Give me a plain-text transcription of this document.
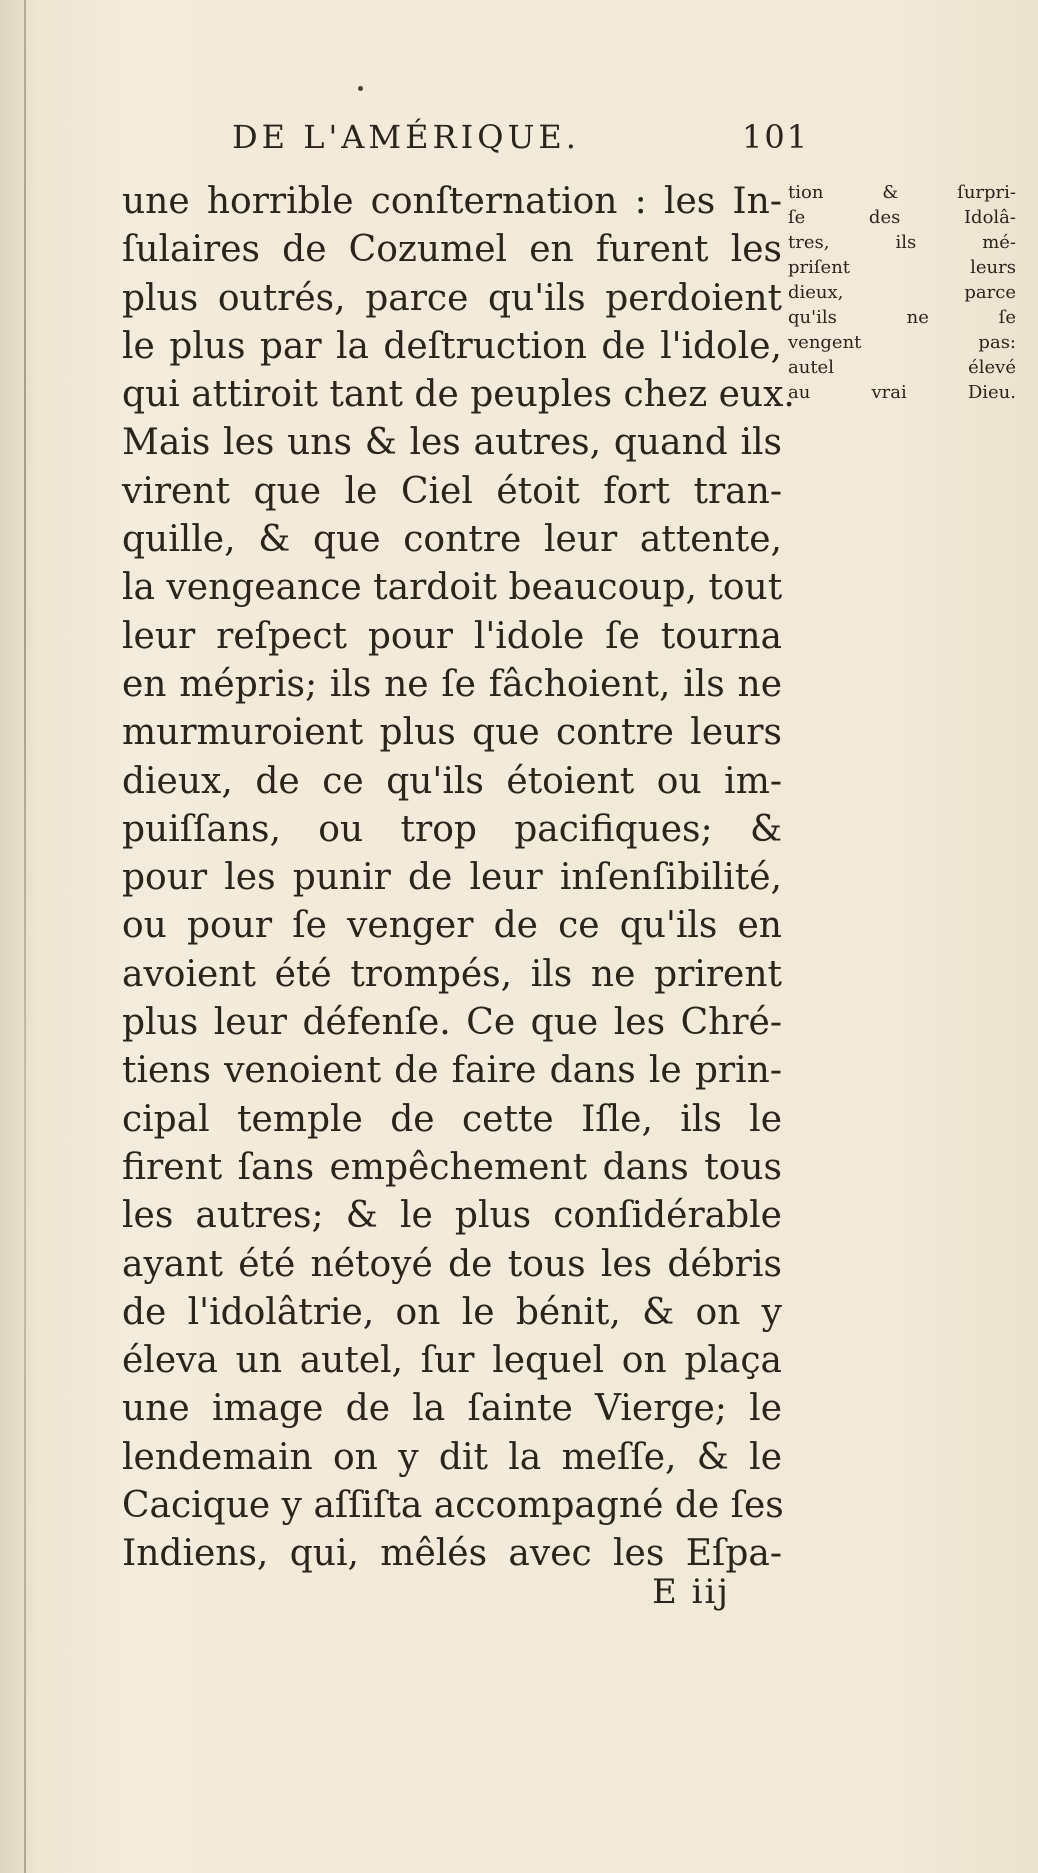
DE L'AMÉRIQUE.	101
une horrible conſternation : les In-
ſulaires de Cozumel en furent les
plus outrés, parce qu'ils perdoient
le plus par la deſtruction de l'idole,
qui attiroit tant de peuples chez eux.
Mais les uns & les autres, quand ils
virent que le Ciel étoit fort tran-
quille, & que contre leur attente,
la vengeance tardoit beaucoup, tout
leur reſpect pour l'idole ſe tourna
en mépris; ils ne ſe fâchoient, ils ne
murmuroient plus que contre leurs
dieux, de ce qu'ils étoient ou im-
puiſſans, ou trop pacifiques; &
pour les punir de leur inſenſibilité,
ou pour ſe venger de ce qu'ils en
avoient été trompés, ils ne prirent
plus leur défenſe. Ce que les Chré-
tiens venoient de faire dans le prin-
cipal temple de cette Iſle, ils le
firent ſans empêchement dans tous
les autres; & le plus conſidérable
ayant été nétoyé de tous les débris
de l'idolâtrie, on le bénit, & on y
éleva un autel, ſur lequel on plaça
une image de la ſainte Vierge; le
lendemain on y dit la meſſe, & le
Cacique y aſſiſta accompagné de ſes
Indiens, qui, mêlés avec les Eſpa-
tion & ſurpri-
ſe des Idolâ-
tres, ils mé-
priſent leurs
dieux, parce
qu'ils ne ſe
vengent pas:
autel élevé
au vrai Dieu.
E iij
